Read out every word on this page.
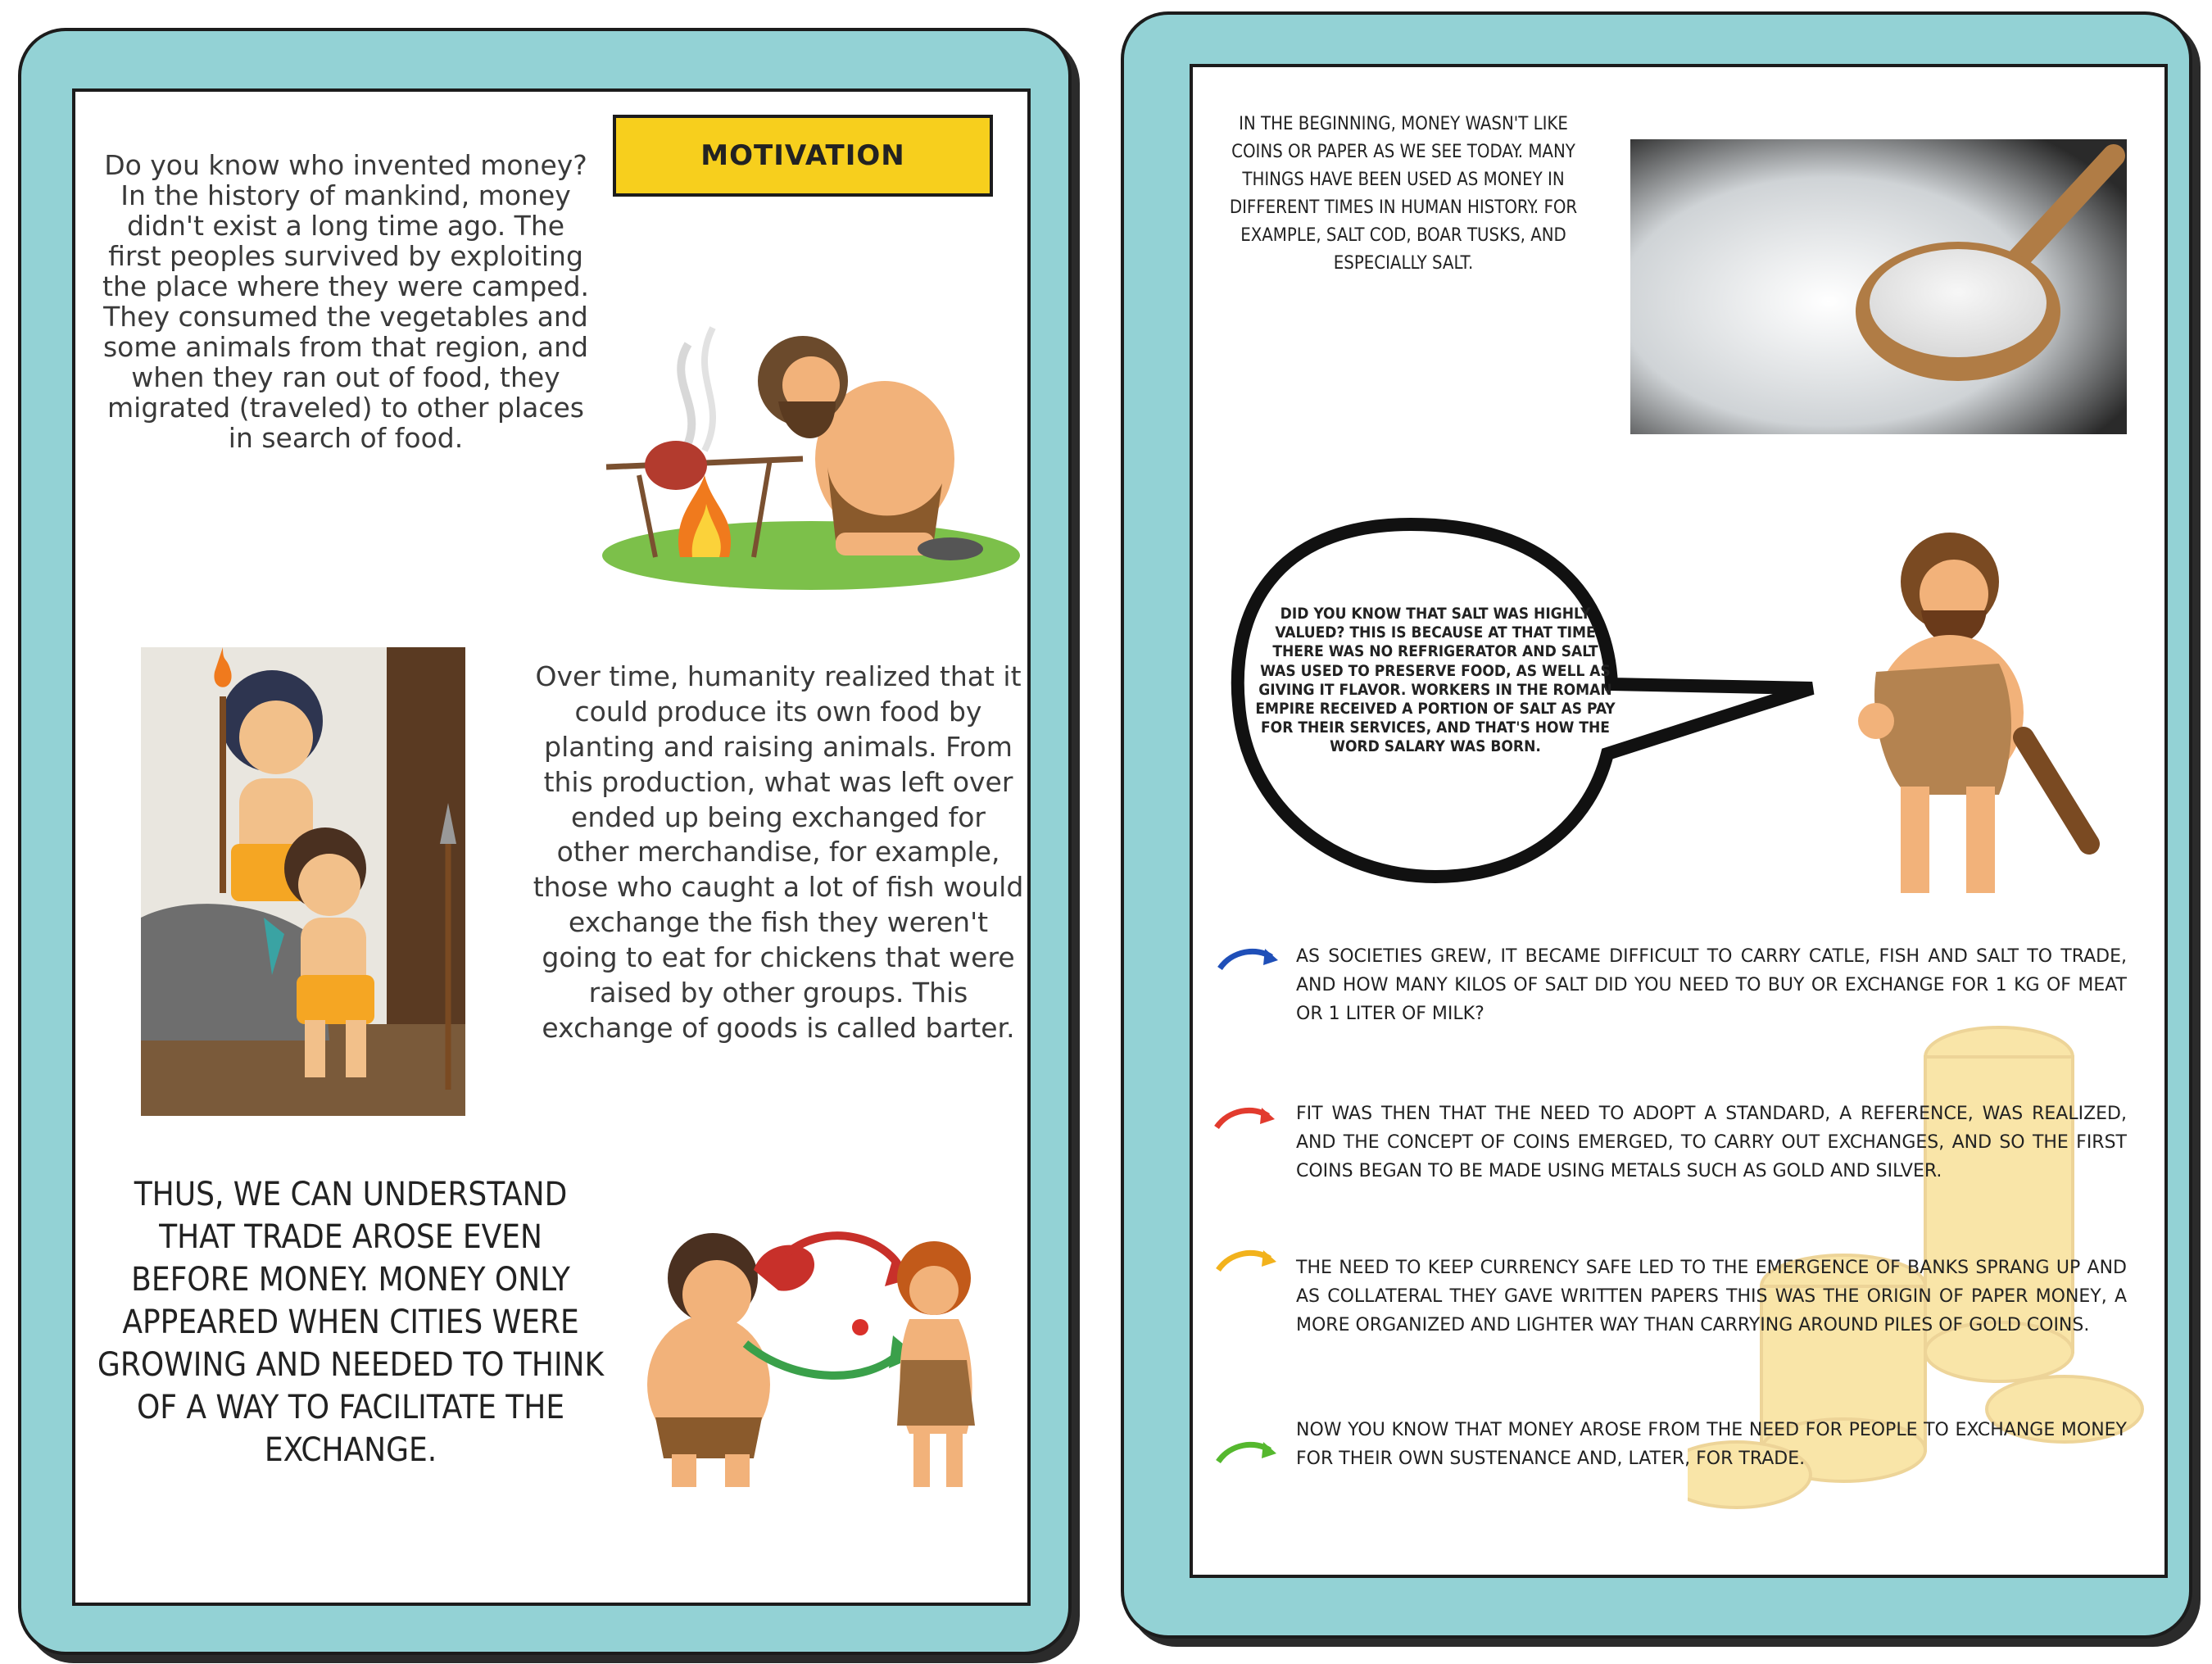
MOTIVATION
Do you know who invented money? In the history of mankind, money didn't exist a long time ago. The first peoples survived by exploiting the place where they were camped. They consumed the vegetables and some animals from that region, and when they ran out of food, they migrated (traveled) to other places in search of food.
Over time, humanity realized that it could produce its own food by planting and raising animals. From this production, what was left over ended up being exchanged for other merchandise, for example, those who caught a lot of fish would exchange the fish they weren't going to eat for chickens that were raised by other groups. This exchange of goods is called barter.
THUS, WE CAN UNDERSTAND THAT TRADE AROSE EVEN BEFORE MONEY. MONEY ONLY APPEARED WHEN CITIES WERE GROWING AND NEEDED TO THINK OF A WAY TO FACILITATE THE EXCHANGE.
IN THE BEGINNING, MONEY WASN'T LIKE COINS OR PAPER AS WE SEE TODAY. MANY THINGS HAVE BEEN USED AS MONEY IN DIFFERENT TIMES IN HUMAN HISTORY. FOR EXAMPLE, SALT COD, BOAR TUSKS, AND ESPECIALLY SALT.
DID YOU KNOW THAT SALT WAS HIGHLY VALUED? THIS IS BECAUSE AT THAT TIME THERE WAS NO REFRIGERATOR AND SALT WAS USED TO PRESERVE FOOD, AS WELL AS GIVING IT FLAVOR. WORKERS IN THE ROMAN EMPIRE RECEIVED A PORTION OF SALT AS PAY FOR THEIR SERVICES, AND THAT'S HOW THE WORD SALARY WAS BORN.
AS SOCIETIES GREW, IT BECAME DIFFICULT TO CARRY CATLE, FISH AND SALT TO TRADE, AND HOW MANY KILOS OF SALT DID YOU NEED TO BUY OR EXCHANGE FOR 1 KG OF MEAT OR 1 LITER OF MILK?
FIT WAS THEN THAT THE NEED TO ADOPT A STANDARD, A REFERENCE, WAS REALIZED, AND THE CONCEPT OF COINS EMERGED, TO CARRY OUT EXCHANGES, AND SO THE FIRST COINS BEGAN TO BE MADE USING METALS SUCH AS GOLD AND SILVER.
THE NEED TO KEEP CURRENCY SAFE LED TO THE EMERGENCE OF BANKS SPRANG UP AND AS COLLATERAL THEY GAVE WRITTEN PAPERS THIS WAS THE ORIGIN OF PAPER MONEY, A MORE ORGANIZED AND LIGHTER WAY THAN CARRYING AROUND PILES OF GOLD COINS.
NOW YOU KNOW THAT MONEY AROSE FROM THE NEED FOR PEOPLE TO EXCHANGE MONEY FOR THEIR OWN SUSTENANCE AND, LATER, FOR TRADE.
